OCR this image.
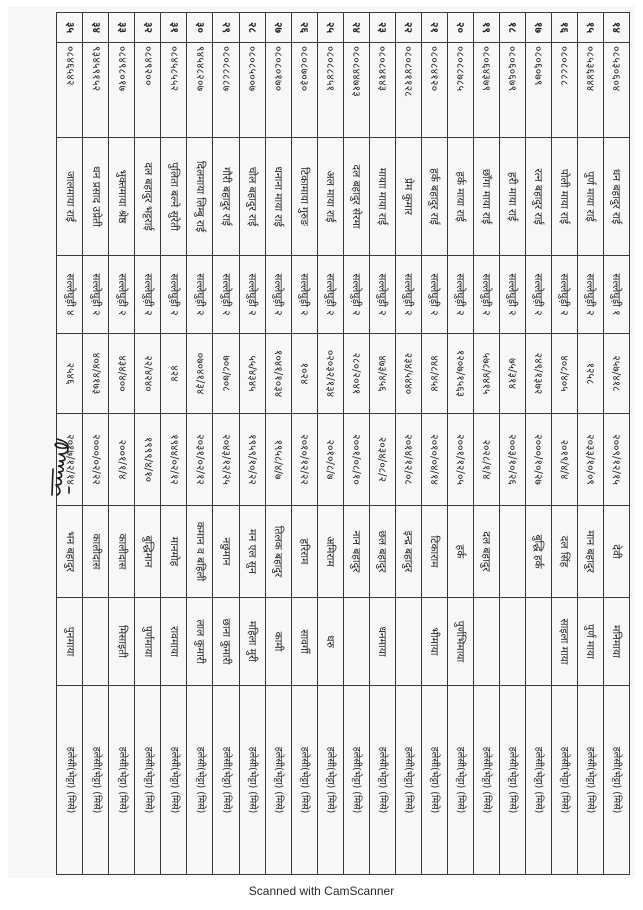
१४	०८५३०६०४	धन बहादुर राई	सल्लेघुड़ी १	२५७/४१८	२००९/१२/१५	देवी	मनिमाया	हलेसी(भेट्टा) (मिसे)
१५	०८५३६४४४	पुर्ण माया राई	सल्लेघुड़ी २	१२५८	२०३३/१०/०९	मान बहादुर	पुर्ण माया	हलेसी(भेट्टा) (मिसे)
१६	०८०८८८८	पोली माया राई	सल्लेघुड़ी २	४०८/४०५	२०१९/४/४	दल सिंह	साइला माया	हलेसी(भेट्टा) (मिसे)
१७	०८०६०७९	रत्न बहादुर राई	सल्लेघुड़ी २	२४९/१३७२	२०००/१०/२७	बुद्धि हर्क		हलेसी(भेट्टा) (मिसे)
१८	०८०६०६७९	हरी माया राई	सल्लेघुड़ी २	७५/३१४	२००३/१०/२६			हलेसी(भेट्टा) (मिसे)
१९	०८०६४३७९	छाँगा माया राई	सल्लेघुड़ी २	५७८/४४१५	२०२८/१/४	दल बहादुर		हलेसी(भेट्टा) (मिसे)
२०	०८०८८७८५	हर्क माया राई	सल्लेघुड़ी २	१२०७/१५६३	२००१/१२/०५	हर्क	पुर्णभिमाया	हलेसी(भेट्टा) (मिसे)
२१	०८०८४१२०	हर्क बहादुर राई	सल्लेघुड़ी २	४४८/४५४	२०१०/०४/१४	टिकाराम	भीमाया	हलेसी(भेट्टा) (मिसे)
२२	०८०८४११२८	प्रेम कुमार	सल्लेघुड़ी २	२३४/५४४०	२०१४/१२/०८	इन्द्र बहादुर		हलेसी(भेट्टा) (मिसे)
२३	०८०८४१४३	मायाा माया राई	सल्लेघुड़ी २	४७३/४५६	२०३४/०८/२	छल बहादुर	धनमाया	हलेसी(भेट्टा) (मिसे)
२४	०८०८४४७१३	दल बहादुर सेरमा	सल्लेघुड़ी २	२८०/२०४१	२००१/०८/१०	नान बहादुर		हलेसी(भेट्टा) (मिसे)
२५	०८०८८४५१	अल माया राई	सल्लेघुड़ी २	०२०३२/१३४	२०१०/८/७	अमिराम	धरु	हलेसी(भेट्टा) (मिसे)
२६	०८०८७०३०	टिकामाया गुरुङ	सल्लेघुड़ी २	१०२४	२०१०/१२/२२	हरिराम	सावर्गी	हलेसी(भेट्टा) (मिसे)
२७	०८०८०१७०	धनाना माया राई	सल्लेघुड़ी २	१०४१/१०३४	१९५८/४/७	तिलक बहादुर	कामी	हलेसी(भेट्टा) (मिसे)
२८	०८०८५००७	चोल बहादुर राई	सल्लेघुड़ी २	५५/४३४५	१९५९/१०/२२	मन एल सुन	महिला मुरी	हलेसी(भेट्टा) (मिसे)
२९	०८०८८८८७	गौरी बहादुर राई	सल्लेघुड़ी २	७०८/७०८	२०४३/१२/२५	नछुमान	छाना कुमारी	हलेसी(भेट्टा) (मिसे)
३०	९४५४८२०७	दिलमाया लिम्बु राई	सल्लेघुड़ी २	०७०४१/३४	२०३१/०२/१२	कमान व बहिली	लाल कुमारी	हलेसी(भेट्टा) (मिसे)
३१	०८४५८५५२	पुलिता बल्ने सुरेती	सल्लेघुड़ी २	४२४	१९४४/०२/१२	मानमोह	रावमाया	हलेसी(भेट्टा) (मिसे)
३२	०८४९२००	दल बहादुर भट्टराई	सल्लेघुड़ी २	२२/४२४०	१९९९/४/१०	बुद्धिमान	पुर्णमाया	हलेसी(भेट्टा) (मिसे)
३३	०८४९८०१७	भुक्तमाया श्रेष्ठ	सल्लेघुड़ी २	४३४/४००	२००१/१/४	कालीदास	मिसाइती	हलेसी(भेट्टा) (मिसे)
३४	९३४५९१५२	धन प्रसाद उप्रेती	सल्लेघुड़ी २	४०४/४१७३	२०००/०२/२२	कालीदास		हलेसी(भेट्टा) (मिसे)
३५	०८४६५४२	जालमाया राई	सल्लेघुड़ी ४	२५४६	२०१७/१२/१४	भन बहादुर	पुनमाया	हलेसी(भेट्टा) (मिसे)
Scanned with CamScanner
